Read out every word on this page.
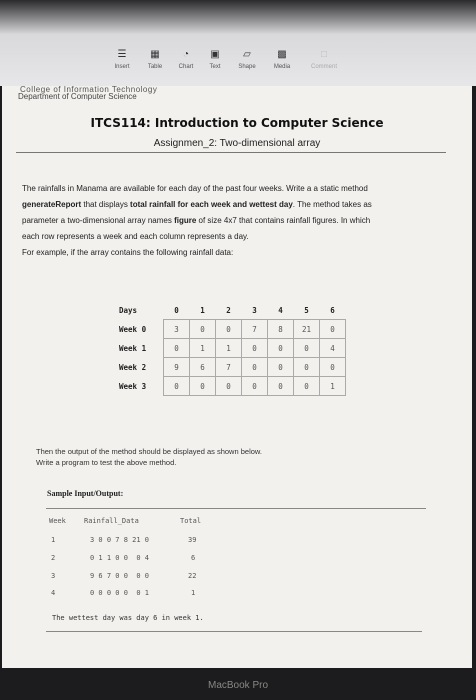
☰
Insert
▦
Table
◔
Chart
▣
Text
▱
Shape
▩
Media
□
Comment
College of Information Technology
Department of Computer Science
ITCS114: Introduction to Computer Science
Assignmen_2: Two-dimensional array
The rainfalls in Manama are available for each day of the past four weeks. Write a a static method
generateReport that displays total rainfall for each week and wettest day. The method takes as
parameter a two-dimensional array names figure of size 4x7 that contains rainfall figures. In which
each row represents a week and each column represents a day.
For example, if the array contains the following rainfall data:
Days	0	1	2	3	4	5	6
Week 0	3	0	0	7	8	21	0
Week 1	0	1	1	0	0	0	4
Week 2	9	6	7	0	0	0	0
Week 3	0	0	0	0	0	0	1
Then the output of the method should be displayed as shown below.
Write a program to test the above method.
Sample Input/Output:
Week	Rainfall_Data	Total
1	3 0 0 7 8 21 0	39
2	0 1 1 0 0  0 4	6
3	9 6 7 0 0  0 0	22
4	0 0 0 0 0  0 1	1
The wettest day was day 6 in week 1.
MacBook Pro
